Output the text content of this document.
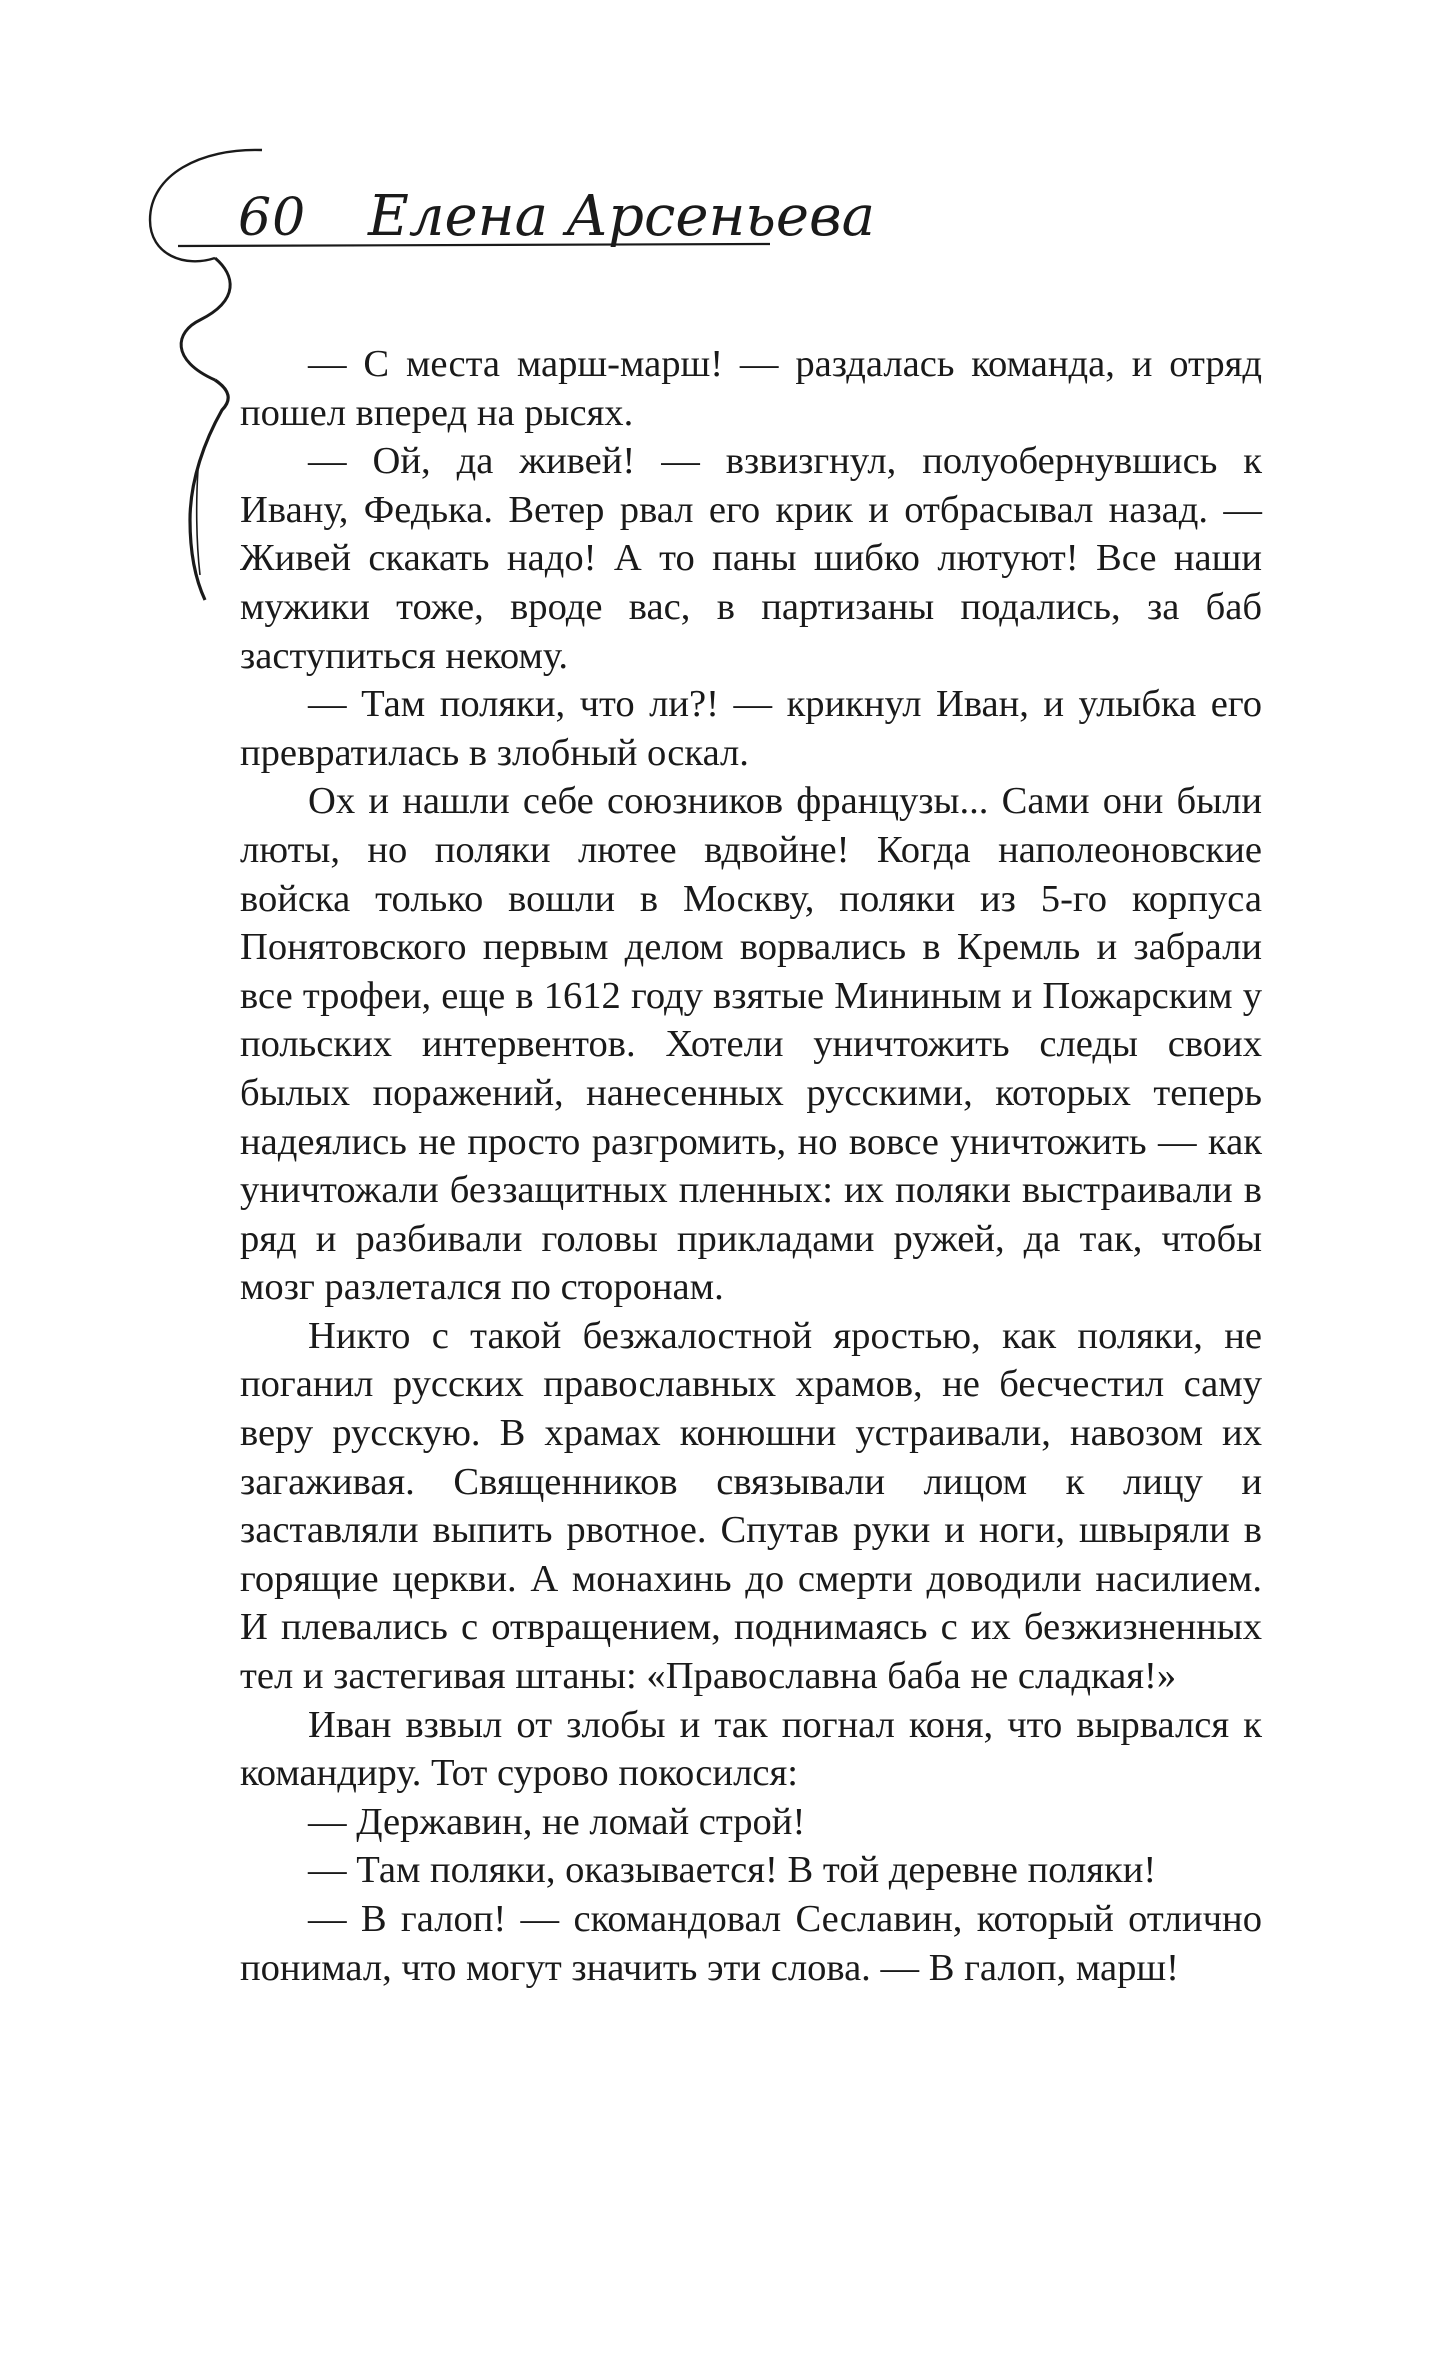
60 Елена Арсеньева

— С места марш-марш! — раздалась команда, и отряд пошел вперед на рысях.

— Ой, да живей! — взвизгнул, полуобернувшись к Ивану, Федька. Ветер рвал его крик и отбрасывал назад. — Живей скакать надо! А то паны шибко лютуют! Все наши мужики тоже, вроде вас, в партизаны подались, за баб заступиться некому.

— Там поляки, что ли?! — крикнул Иван, и улыбка его превратилась в злобный оскал.

Ох и нашли себе союзников французы... Сами они были люты, но поляки лютее вдвойне! Когда наполеоновские войска только вошли в Москву, поляки из 5-го корпуса Понятовского первым делом ворвались в Кремль и забрали все трофеи, еще в 1612 году взятые Мининым и Пожарским у польских интервентов. Хотели уничтожить следы своих былых поражений, нанесенных русскими, которых теперь надеялись не просто разгромить, но вовсе уничтожить — как уничтожали беззащитных пленных: их поляки выстраивали в ряд и разбивали головы прикладами ружей, да так, чтобы мозг разлетался по сторонам.

Никто с такой безжалостной яростью, как поляки, не поганил русских православных храмов, не бесчестил саму веру русскую. В храмах конюшни устраивали, навозом их загаживая. Священников связывали лицом к лицу и заставляли выпить рвотное. Спутав руки и ноги, швыряли в горящие церкви. А монахинь до смерти доводили насилием. И плевались с отвращением, поднимаясь с их безжизненных тел и застегивая штаны: «Православна баба не сладкая!»

Иван взвыл от злобы и так погнал коня, что вырвался к командиру. Тот сурово покосился:

— Державин, не ломай строй!

— Там поляки, оказывается! В той деревне поляки!

— В галоп! — скомандовал Сеславин, который отлично понимал, что могут значить эти слова. — В галоп, марш!
